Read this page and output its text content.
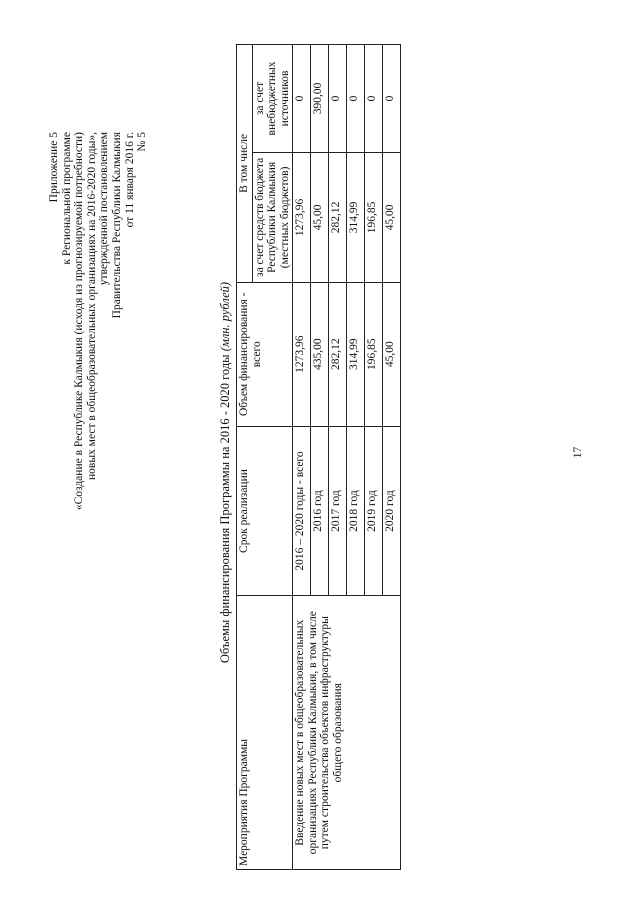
Приложение 5 к Региональной программе «Создание в Республике Калмыкия (исходя из прогнозируемой потребности) новых мест в общеобразовательных организациях на 2016-2020 годы», утвержденной постановлением Правительства Республики Калмыкия от 11 января 2016 г. № 5
Объемы финансирования Программы на 2016 - 2020 годы (млн. рублей)
Мероприятия Программы	Срок реализации	Объем финансирования - всего	В том числе	
			за счет средств бюджета Республики Калмыкия (местных бюджетов)	за счет внебюджетных источников
Введение новых мест в общеобразовательных организациях Республики Калмыкия, в том числе путем строительства объектов инфраструктуры общего образования	2016 – 2020 годы - всего	1273,96	1273,96	0
	2016 год	435,00	45,00	390,00
	2017 год	282,12	282,12	0
	2018 год	314,99	314,99	0
	2019 год	196,85	196,85	0
	2020 год	45,00	45,00	0
17
